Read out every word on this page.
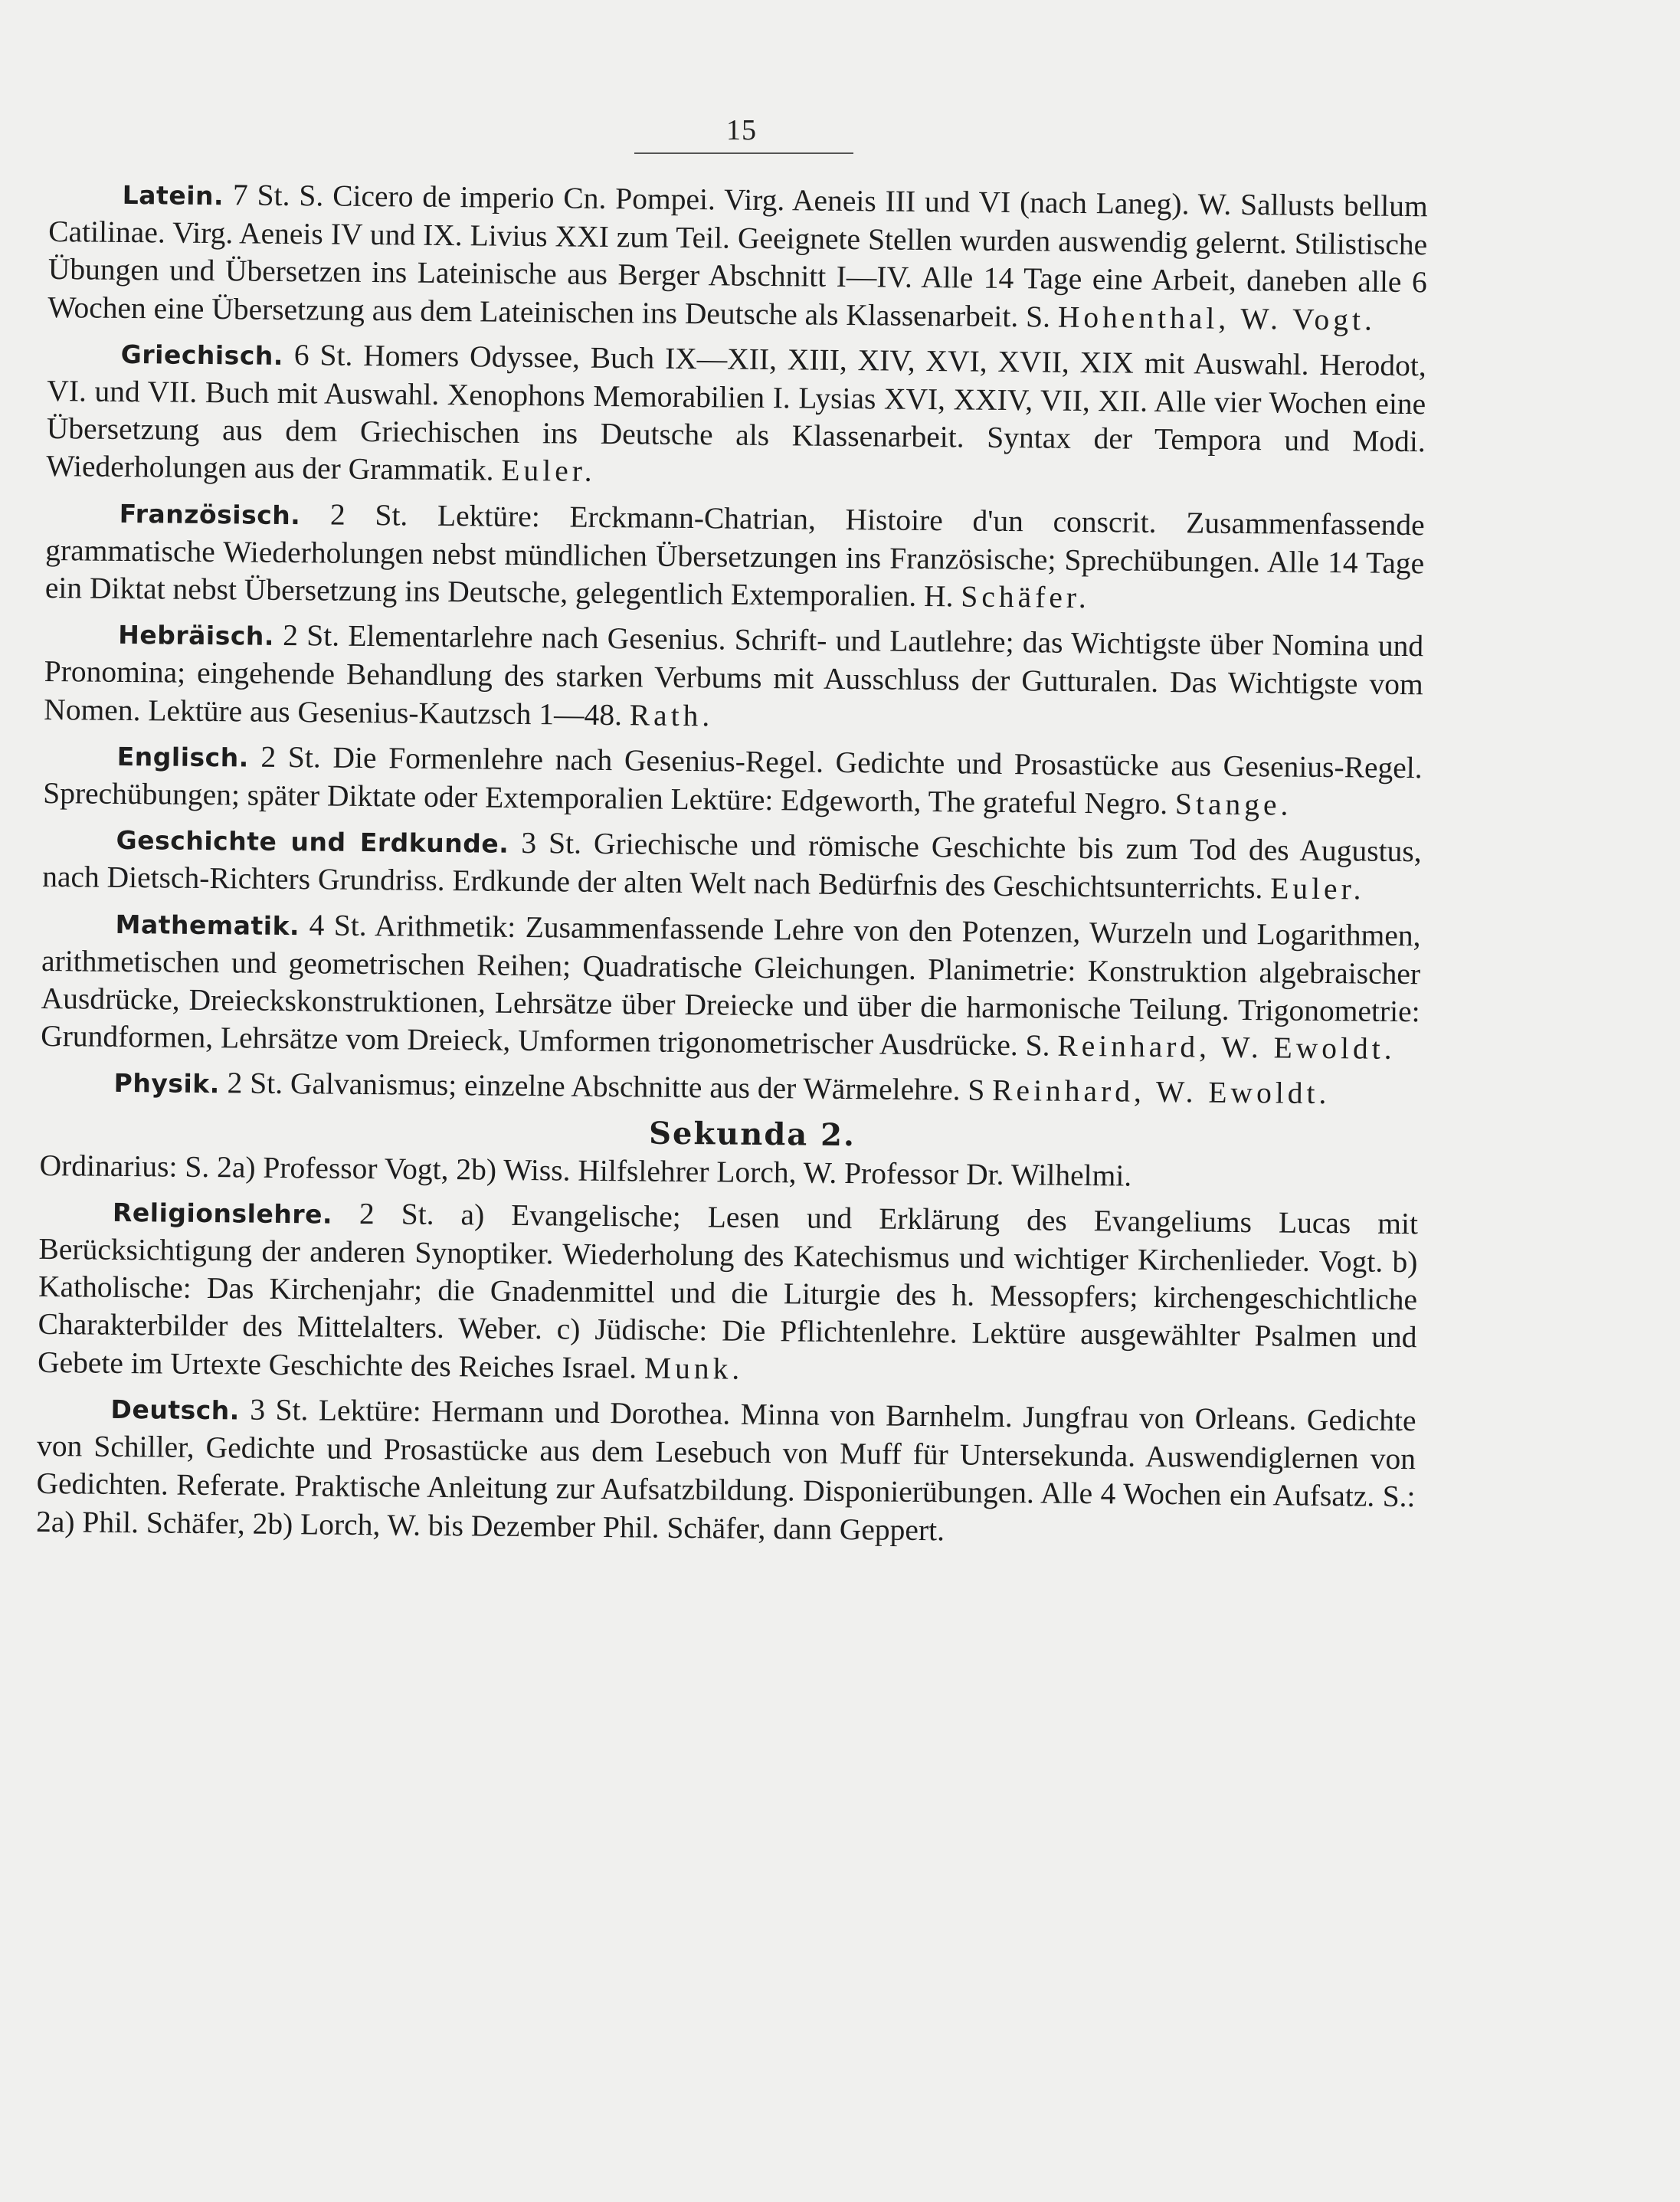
15

Latein. 7 St. S. Cicero de imperio Cn. Pompei. Virg. Aeneis III und VI (nach Laneg). W. Sallusts bellum Catilinae. Virg. Aeneis IV und IX. Livius XXI zum Teil. Geeignete Stellen wurden auswendig gelernt. Stilistische Übungen und Übersetzen ins Lateinische aus Berger Abschnitt I—IV. Alle 14 Tage eine Arbeit, daneben alle 6 Wochen eine Übersetzung aus dem Lateinischen ins Deutsche als Klassenarbeit. S. Hohenthal, W. Vogt.

Griechisch. 6 St. Homers Odyssee, Buch IX—XII, XIII, XIV, XVI, XVII, XIX mit Auswahl. Herodot, VI. und VII. Buch mit Auswahl. Xenophons Memorabilien I. Lysias XVI, XXIV, VII, XII. Alle vier Wochen eine Übersetzung aus dem Griechischen ins Deutsche als Klassenarbeit. Syntax der Tempora und Modi. Wiederholungen aus der Grammatik. Euler.

Französisch. 2 St. Lektüre: Erckmann-Chatrian, Histoire d'un conscrit. Zusammenfassende grammatische Wiederholungen nebst mündlichen Übersetzungen ins Französische; Sprechübungen. Alle 14 Tage ein Diktat nebst Übersetzung ins Deutsche, gelegentlich Extemporalien. H. Schäfer.

Hebräisch. 2 St. Elementarlehre nach Gesenius. Schrift- und Lautlehre; das Wichtigste über Nomina und Pronomina; eingehende Behandlung des starken Verbums mit Ausschluss der Gutturalen. Das Wichtigste vom Nomen. Lektüre aus Gesenius-Kautzsch 1—48. Rath.

Englisch. 2 St. Die Formenlehre nach Gesenius-Regel. Gedichte und Prosastücke aus Gesenius-Regel. Sprechübungen; später Diktate oder Extemporalien Lektüre: Edgeworth, The grateful Negro. Stange.

Geschichte und Erdkunde. 3 St. Griechische und römische Geschichte bis zum Tod des Augustus, nach Dietsch-Richters Grundriss. Erdkunde der alten Welt nach Bedürfnis des Geschichtsunterrichts. Euler.

Mathematik. 4 St. Arithmetik: Zusammenfassende Lehre von den Potenzen, Wurzeln und Logarithmen, arithmetischen und geometrischen Reihen; Quadratische Gleichungen. Planimetrie: Konstruktion algebraischer Ausdrücke, Dreieckskonstruktionen, Lehrsätze über Dreiecke und über die harmonische Teilung. Trigonometrie: Grundformen, Lehrsätze vom Dreieck, Umformen trigonometrischer Ausdrücke. S. Reinhard, W. Ewoldt.

Physik. 2 St. Galvanismus; einzelne Abschnitte aus der Wärmelehre. S Reinhard, W. Ewoldt.

Sekunda 2.

Ordinarius: S. 2a) Professor Vogt, 2b) Wiss. Hilfslehrer Lorch, W. Professor Dr. Wilhelmi.

Religionslehre. 2 St. a) Evangelische; Lesen und Erklärung des Evangeliums Lucas mit Berücksichtigung der anderen Synoptiker. Wiederholung des Katechismus und wichtiger Kirchenlieder. Vogt. b) Katholische: Das Kirchenjahr; die Gnadenmittel und die Liturgie des h. Messopfers; kirchengeschichtliche Charakterbilder des Mittelalters. Weber. c) Jüdische: Die Pflichtenlehre. Lektüre ausgewählter Psalmen und Gebete im Urtexte Geschichte des Reiches Israel. Munk.

Deutsch. 3 St. Lektüre: Hermann und Dorothea. Minna von Barnhelm. Jungfrau von Orleans. Gedichte von Schiller, Gedichte und Prosastücke aus dem Lesebuch von Muff für Untersekunda. Auswendiglernen von Gedichten. Referate. Praktische Anleitung zur Aufsatzbildung. Disponierübungen. Alle 4 Wochen ein Aufsatz. S.: 2a) Phil. Schäfer, 2b) Lorch, W. bis Dezember Phil. Schäfer, dann Geppert.
